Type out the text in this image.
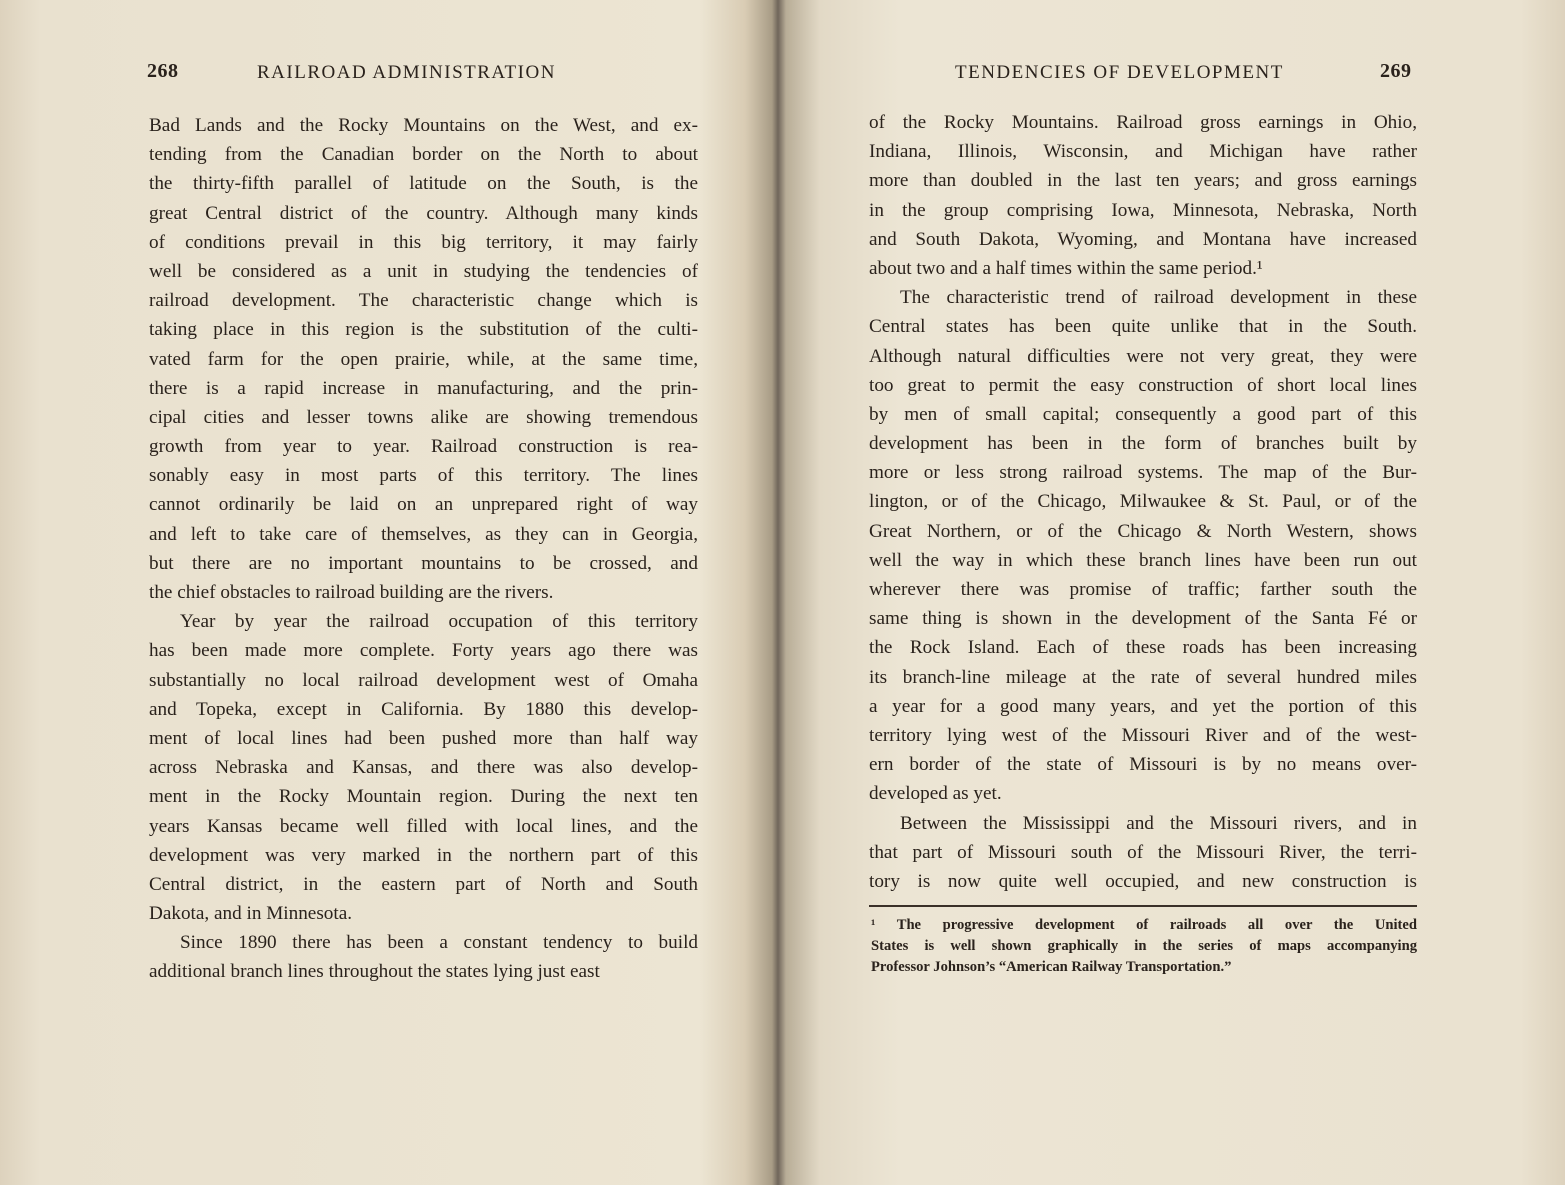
268	RAILROAD ADMINISTRATION
Bad Lands and the Rocky Mountains on the West, and ex-
tending from the Canadian border on the North to about
the thirty-fifth parallel of latitude on the South, is the
great Central district of the country. Although many kinds
of conditions prevail in this big territory, it may fairly
well be considered as a unit in studying the tendencies of
railroad development. The characteristic change which is
taking place in this region is the substitution of the culti-
vated farm for the open prairie, while, at the same time,
there is a rapid increase in manufacturing, and the prin-
cipal cities and lesser towns alike are showing tremendous
growth from year to year. Railroad construction is rea-
sonably easy in most parts of this territory. The lines
cannot ordinarily be laid on an unprepared right of way
and left to take care of themselves, as they can in Georgia,
but there are no important mountains to be crossed, and
the chief obstacles to railroad building are the rivers.
Year by year the railroad occupation of this territory
has been made more complete. Forty years ago there was
substantially no local railroad development west of Omaha
and Topeka, except in California. By 1880 this develop-
ment of local lines had been pushed more than half way
across Nebraska and Kansas, and there was also develop-
ment in the Rocky Mountain region. During the next ten
years Kansas became well filled with local lines, and the
development was very marked in the northern part of this
Central district, in the eastern part of North and South
Dakota, and in Minnesota.
Since 1890 there has been a constant tendency to build
additional branch lines throughout the states lying just east
TENDENCIES OF DEVELOPMENT	269
of the Rocky Mountains. Railroad gross earnings in Ohio,
Indiana, Illinois, Wisconsin, and Michigan have rather
more than doubled in the last ten years; and gross earnings
in the group comprising Iowa, Minnesota, Nebraska, North
and South Dakota, Wyoming, and Montana have increased
about two and a half times within the same period.¹
The characteristic trend of railroad development in these
Central states has been quite unlike that in the South.
Although natural difficulties were not very great, they were
too great to permit the easy construction of short local lines
by men of small capital; consequently a good part of this
development has been in the form of branches built by
more or less strong railroad systems. The map of the Bur-
lington, or of the Chicago, Milwaukee & St. Paul, or of the
Great Northern, or of the Chicago & North Western, shows
well the way in which these branch lines have been run out
wherever there was promise of traffic; farther south the
same thing is shown in the development of the Santa Fé or
the Rock Island. Each of these roads has been increasing
its branch-line mileage at the rate of several hundred miles
a year for a good many years, and yet the portion of this
territory lying west of the Missouri River and of the west-
ern border of the state of Missouri is by no means over-
developed as yet.
Between the Mississippi and the Missouri rivers, and in
that part of Missouri south of the Missouri River, the terri-
tory is now quite well occupied, and new construction is
¹ The progressive development of railroads all over the United
States is well shown graphically in the series of maps accompanying
Professor Johnson’s “American Railway Transportation.”
